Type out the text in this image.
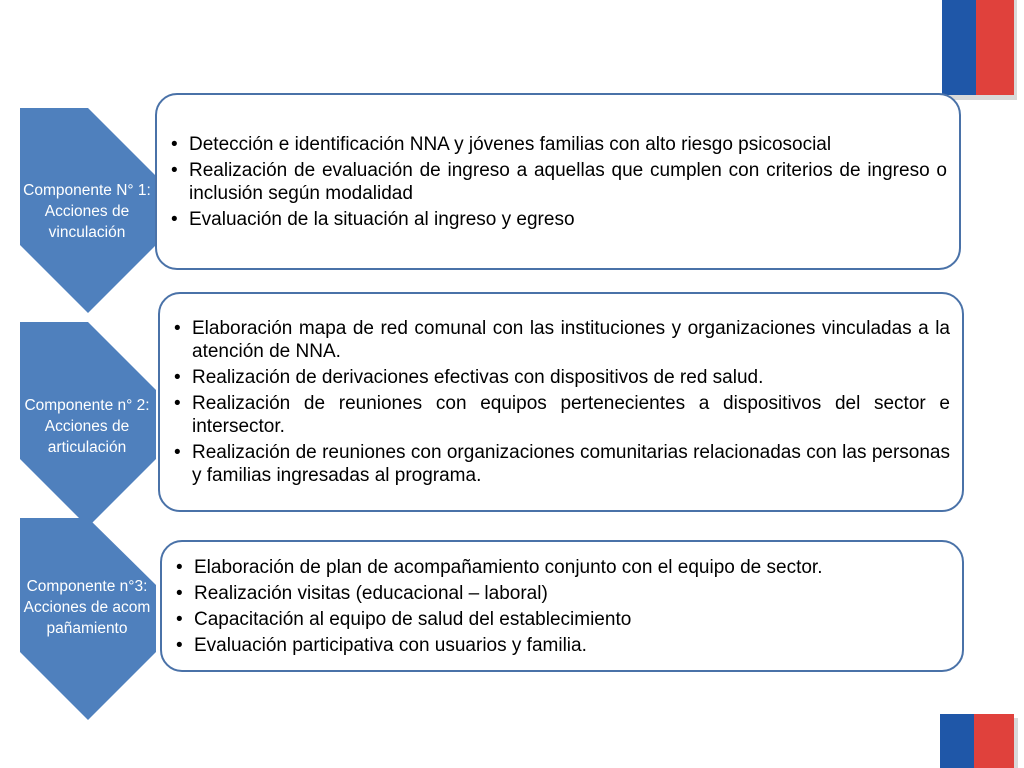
Componente N° 1: Acciones de vinculación
Componente n° 2: Acciones de articulación
Componente n°3: Acciones de acompañamiento
• Detección e identificación NNA y jóvenes familias con alto riesgo psicosocial
• Realización de evaluación de ingreso a aquellas que cumplen con criterios de ingreso o inclusión según modalidad
• Evaluación de la situación al ingreso y egreso
• Elaboración mapa de red comunal con las instituciones y organizaciones vinculadas a la atención de NNA.
• Realización de derivaciones efectivas con dispositivos de red salud.
• Realización de reuniones con equipos pertenecientes a dispositivos del sector e intersector.
• Realización de reuniones con organizaciones comunitarias relacionadas con las personas y familias ingresadas al programa.
• Elaboración de plan de acompañamiento conjunto con el equipo de sector.
• Realización visitas (educacional – laboral)
• Capacitación al equipo de salud del establecimiento
• Evaluación participativa con usuarios y familia.
